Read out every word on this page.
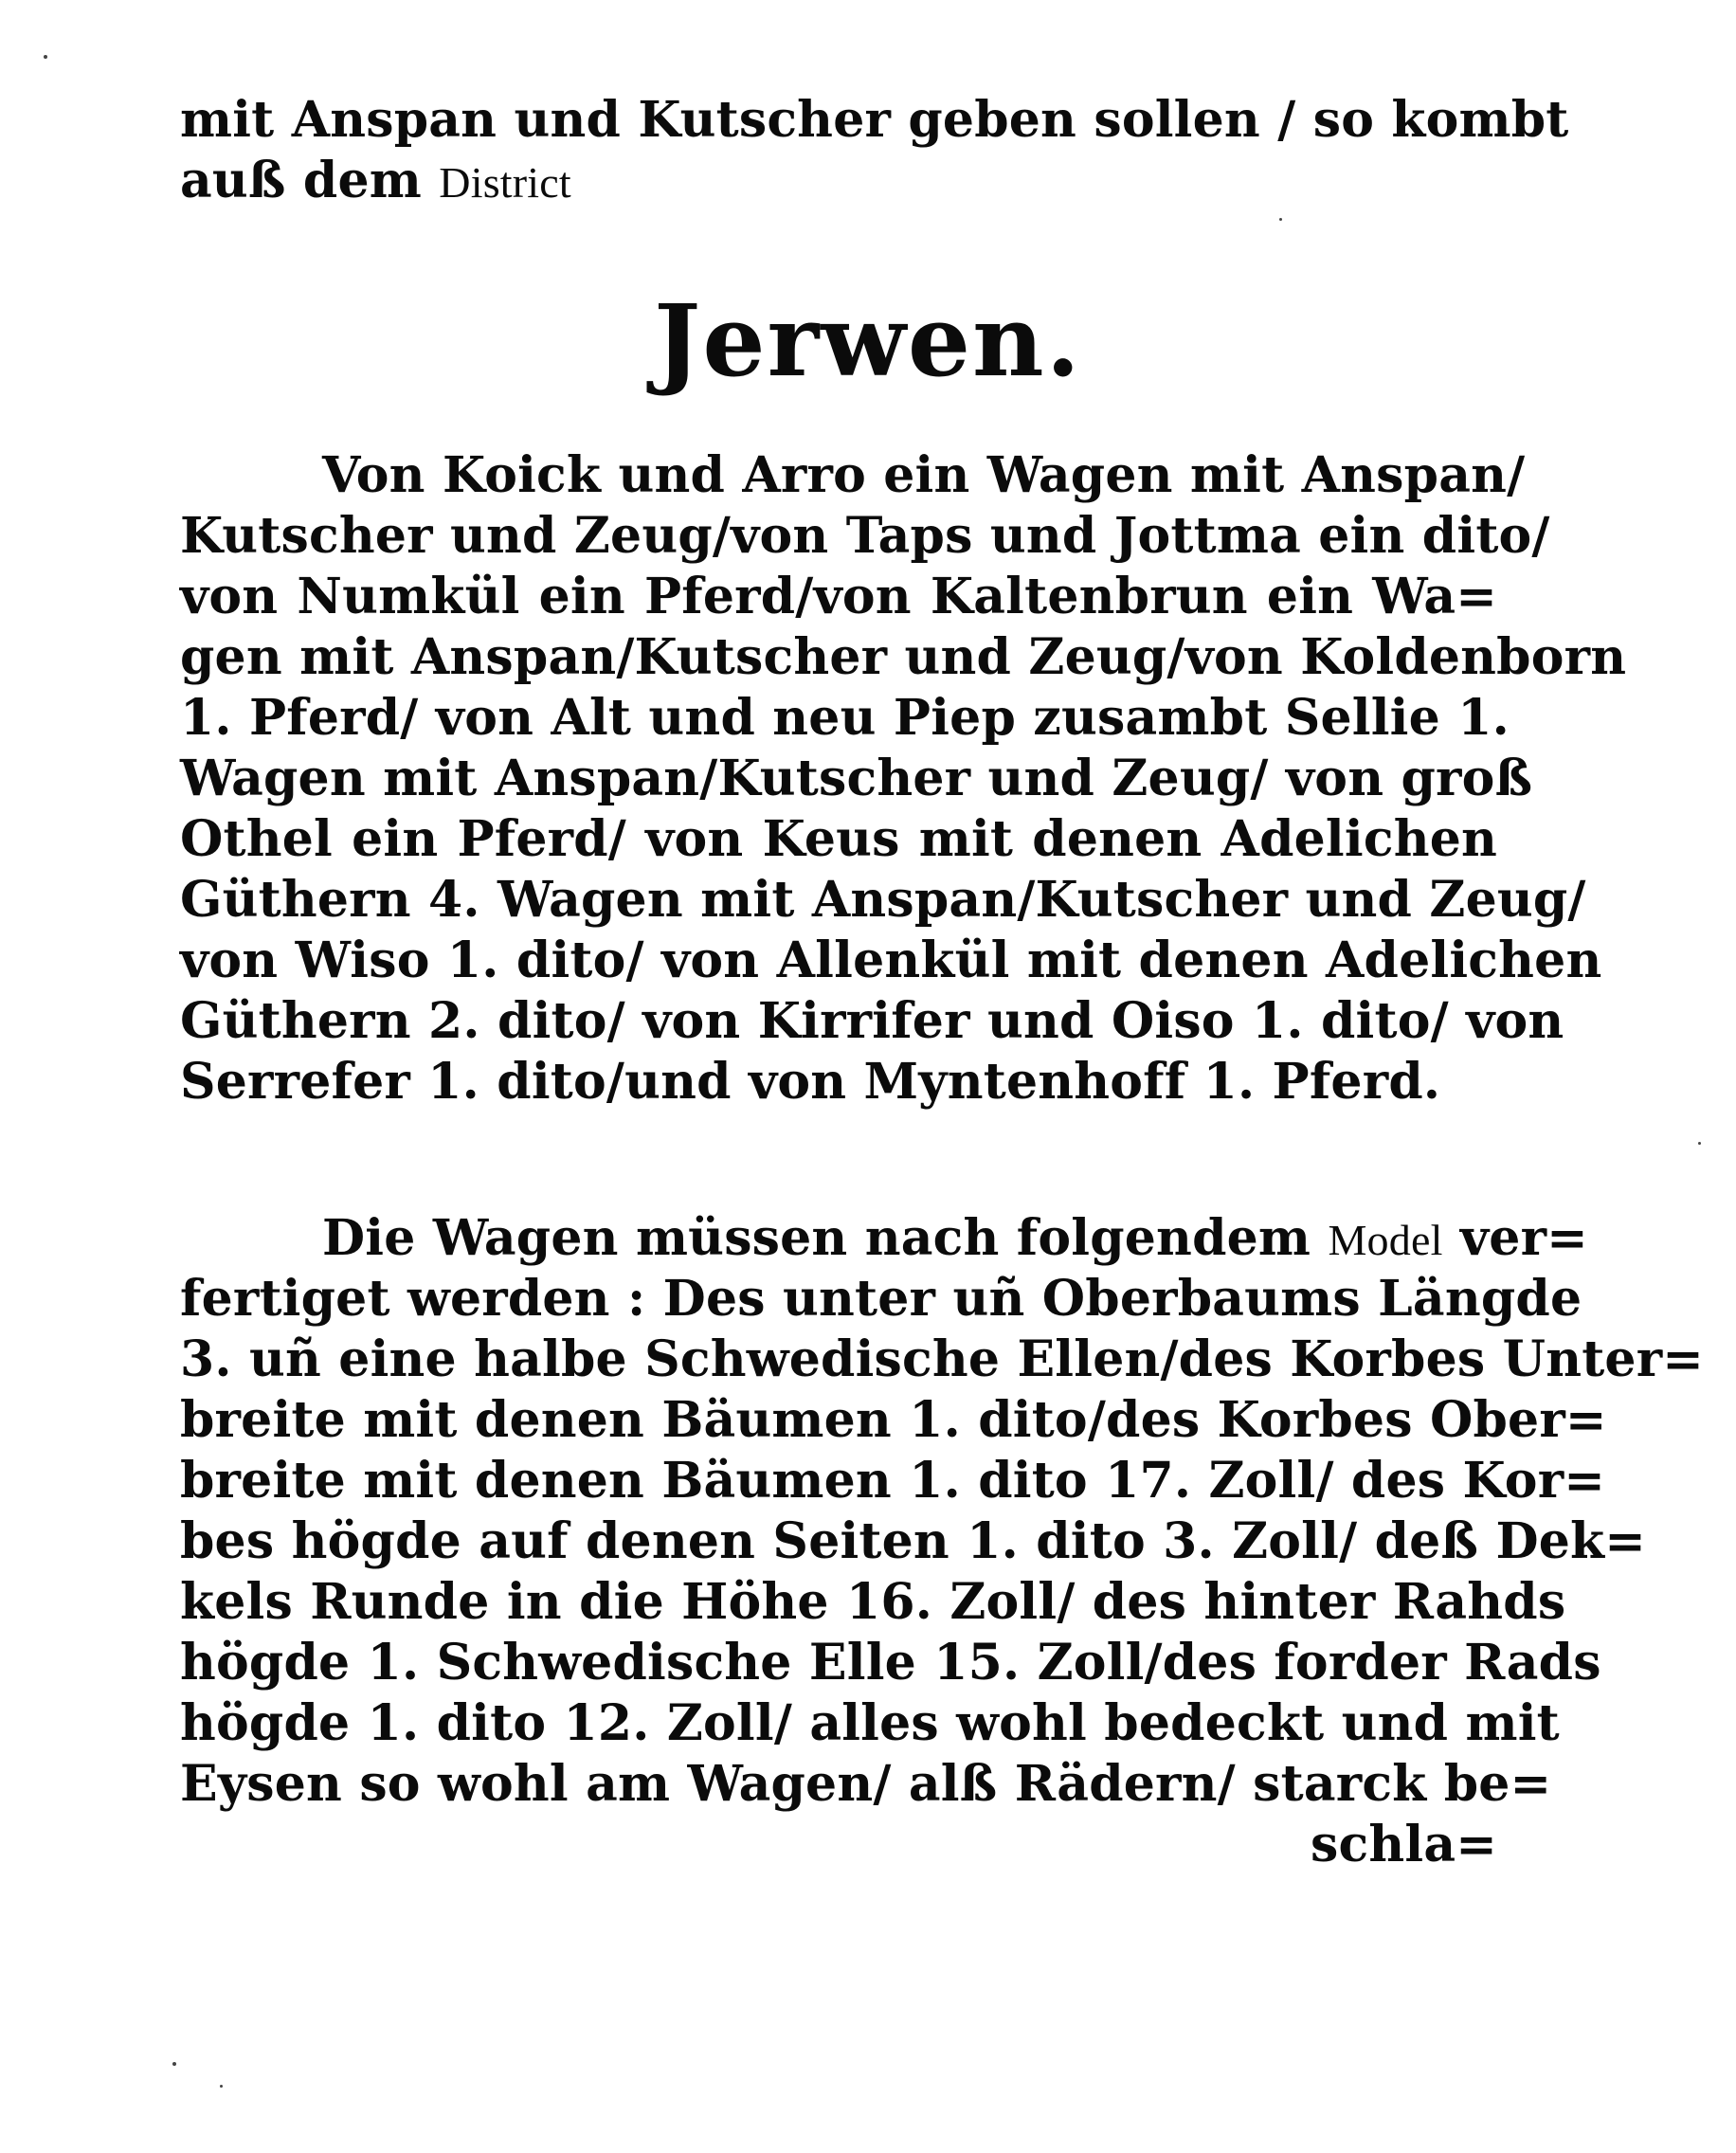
mit Anspan und Kutscher geben sollen / so kombt
auß dem District
Jerwen.
Von Koick und Arro ein Wagen mit Anspan/
Kutscher und Zeug/von Taps und Jottma ein dito/
von Numkül ein Pferd/von Kaltenbrun ein Wa=
gen mit Anspan/Kutscher und Zeug/von Koldenborn
1. Pferd/ von Alt und neu Piep zusambt Sellie 1.
Wagen mit Anspan/Kutscher und Zeug/ von groß
Othel ein Pferd/ von Keus mit denen Adelichen
Güthern 4. Wagen mit Anspan/Kutscher und Zeug/
von Wiso 1. dito/ von Allenkül mit denen Adelichen
Güthern 2. dito/ von Kirrifer und Oiso 1. dito/ von
Serrefer 1. dito/und von Myntenhoff 1. Pferd.
Die Wagen müssen nach folgendem Model ver=
fertiget werden : Des unter uñ Oberbaums Längde
3. uñ eine halbe Schwedische Ellen/des Korbes Unter=
breite mit denen Bäumen 1. dito/des Korbes Ober=
breite mit denen Bäumen 1. dito 17. Zoll/ des Kor=
bes högde auf denen Seiten 1. dito 3. Zoll/ deß Dek=
kels Runde in die Höhe 16. Zoll/ des hinter Rahds
högde 1. Schwedische Elle 15. Zoll/des forder Rads
högde 1. dito 12. Zoll/ alles wohl bedeckt und mit
Eysen so wohl am Wagen/ alß Rädern/ starck be=
schla=
